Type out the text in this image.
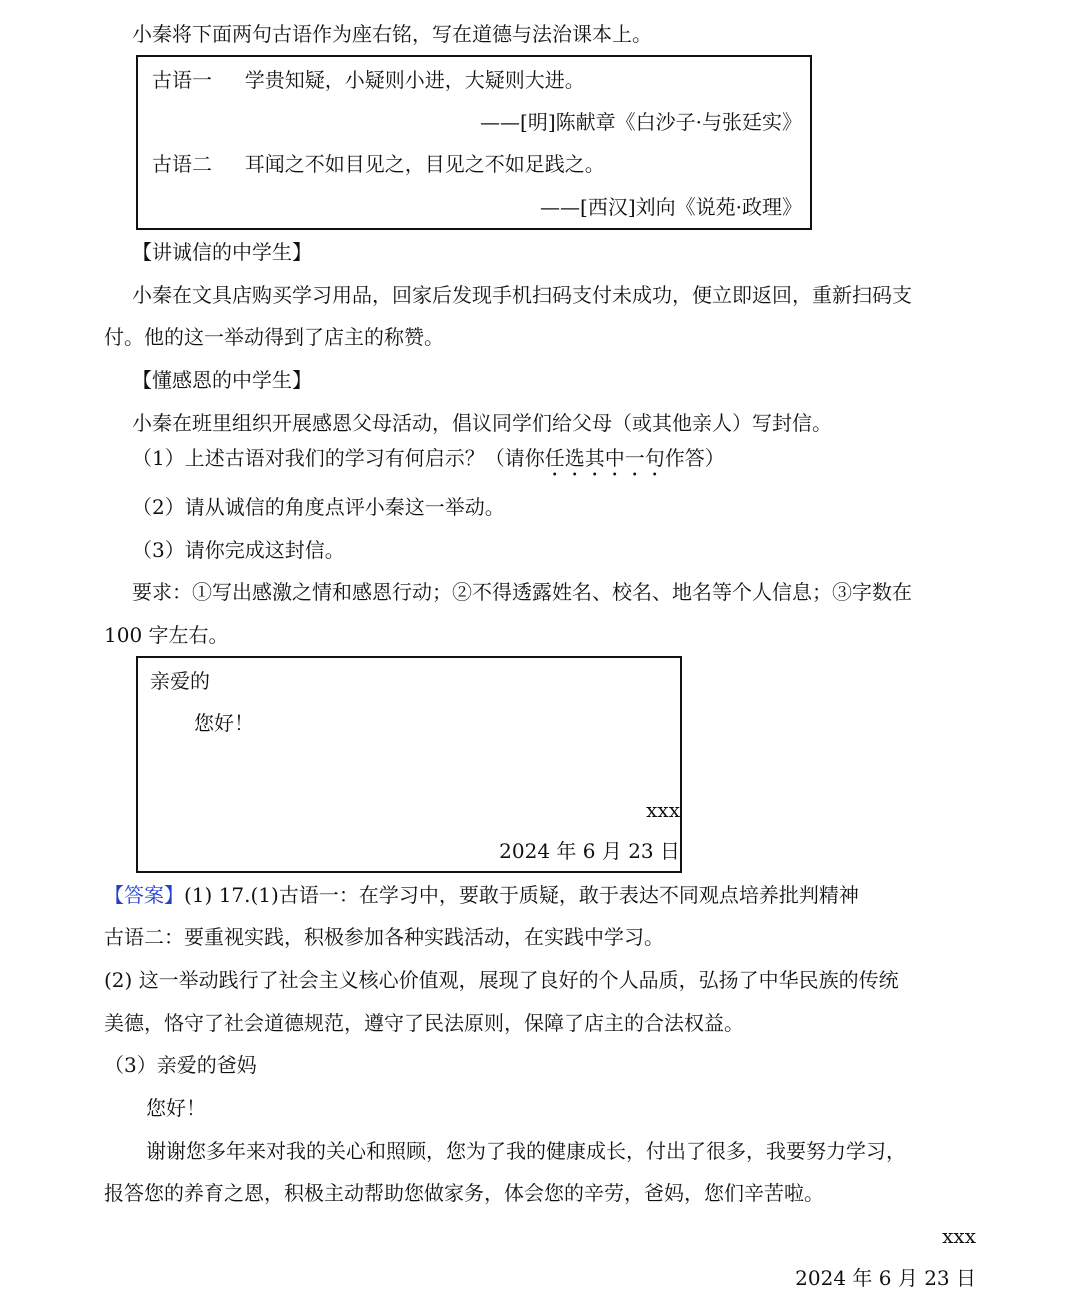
小秦将下面两句古语作为座右铭，写在道德与法治课本上。
古语一 学贵知疑，小疑则小进，大疑则大进。
——[明]陈献章《白沙子·与张廷实》
古语二 耳闻之不如目见之，目见之不如足践之。
——[西汉]刘向《说苑·政理》
【讲诚信的中学生】
小秦在文具店购买学习用品，回家后发现手机扫码支付未成功，便立即返回，重新扫码支
付。他的这一举动得到了店主的称赞。
【懂感恩的中学生】
小秦在班里组织开展感恩父母活动，倡议同学们给父母（或其他亲人）写封信。
（1）上述古语对我们的学习有何启示？（请你任选其中一句作答）
（2）请从诚信的角度点评小秦这一举动。
（3）请你完成这封信。
要求：①写出感激之情和感恩行动；②不得透露姓名、校名、地名等个人信息；③字数在
100 字左右。
亲爱的
您好！
xxx
2024 年 6 月 23 日
【答案】(1) 17.(1)古语一：在学习中，要敢于质疑，敢于表达不同观点培养批判精神
古语二：要重视实践，积极参加各种实践活动，在实践中学习。
(2) 这一举动践行了社会主义核心价值观，展现了良好的个人品质，弘扬了中华民族的传统
美德，恪守了社会道德规范，遵守了民法原则，保障了店主的合法权益。
（3）亲爱的爸妈
您好！
谢谢您多年来对我的关心和照顾，您为了我的健康成长，付出了很多，我要努力学习，
报答您的养育之恩，积极主动帮助您做家务，体会您的辛劳，爸妈，您们辛苦啦。
xxx
2024 年 6 月 23 日
